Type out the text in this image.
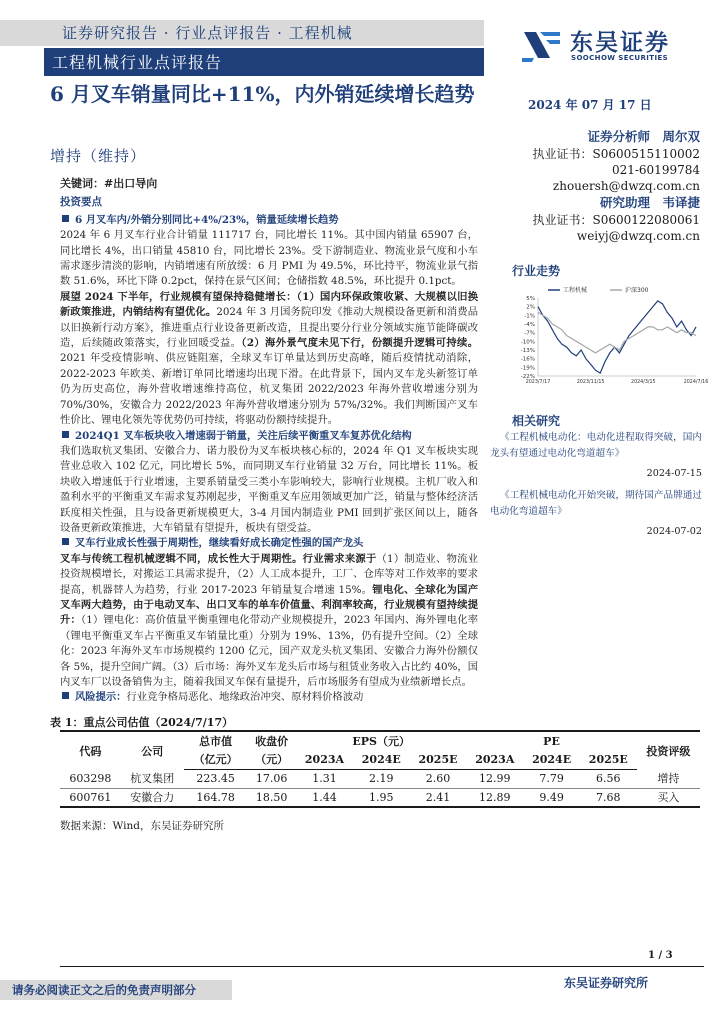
证券研究报告 · 行业点评报告 · 工程机械
工程机械行业点评报告
东吴证券
SOOCHOW SECURITIES
6 月叉车销量同比+11%，内外销延续增长趋势	2024 年 07 月 17 日
增持（维持）
证券分析师　周尔双
执业证书：S0600515110002
021-60199784
zhouersh@dwzq.com.cn
研究助理　韦译捷
执业证书：S0600122080061
weiyj@dwzq.com.cn
关键词：#出口导向
投资要点
6 月叉车内/外销分别同比+4%/23%，销量延续增长趋势
2024 年 6 月叉车行业合计销量 111717 台，同比增长 11%。其中国内销量 65907 台，同比增长 4%，出口销量 45810 台，同比增长 23%。受下游制造业、物流业景气度和小车需求逐步清淡的影响，内销增速有所放缓：6 月 PMI 为 49.5%，环比持平，物流业景气指数 51.6%，环比下降 0.2pct，保持在景气区间；仓储指数 48.5%，环比提升 0.1pct。
展望 2024 下半年，行业规模有望保持稳健增长：（1）国内环保政策收紧、大规模以旧换新政策推进，内销结构有望优化。2024 年 3 月国务院印发《推动大规模设备更新和消费品以旧换新行动方案》，推进重点行业设备更新改造，且提出要分行业分领域实施节能降碳改造，后续随政策落实，行业回暖受益。（2）海外景气度未见下行，份额提升逻辑可持续。2021 年受疫情影响、供应链阻塞，全球叉车订单量达到历史高峰，随后疫情扰动消除，2022-2023 年欧美、新增订单同比增速均出现下滑。在此背景下，国内叉车龙头新签订单仍为历史高位，海外营收增速维持高位，杭叉集团 2022/2023 年海外营收增速分别为 70%/30%，安徽合力 2022/2023 年海外营收增速分别为 57%/32%。我们判断国产叉车性价比、锂电化领先等优势仍可持续，将驱动份额持续提升。
2024Q1 叉车板块收入增速弱于销量，关注后续平衡重叉车复苏优化结构
我们选取杭叉集团、安徽合力、诺力股份为叉车板块核心标的，2024 年 Q1 叉车板块实现营业总收入 102 亿元，同比增长 5%，而同期叉车行业销量 32 万台，同比增长 11%。板块收入增速低于行业增速，主要系销量受三类小车影响较大，影响行业规模。主机厂收入和盈利水平的平衡重叉车需求复苏刚起步，平衡重叉车应用领域更加广泛，销量与整体经济活跃度相关性强，且与设备更新规模更大，3-4 月国内制造业 PMI 回到扩张区间以上，随各设备更新政策推进，大车销量有望提升，板块有望受益。
叉车行业成长性强于周期性，继续看好成长确定性强的国产龙头
叉车与传统工程机械逻辑不同，成长性大于周期性。行业需求来源于（1）制造业、物流业投资规模增长，对搬运工具需求提升，（2）人工成本提升，工厂、仓库等对工作效率的要求提高，机器替人为趋势，行业 2017-2023 年销量复合增速 15%。锂电化、全球化为国产叉车两大趋势，由于电动叉车、出口叉车的单车价值量、利润率较高，行业规模有望持续提升：（1）锂电化：高价值量平衡重锂电化带动产业规模提升，2023 年国内、海外锂电化率（锂电平衡重叉车占平衡重叉车销量比重）分别为 19%、13%，仍有提升空间。（2）全球化：2023 年海外叉车市场规模约 1200 亿元，国产双龙头杭叉集团、安徽合力海外份额仅各 5%，提升空间广阔。（3）后市场：海外叉车龙头后市场与租赁业务收入占比约 40%，国内叉车厂以设备销售为主，随着我国叉车保有量提升，后市场服务有望成为业绩新增长点。
风险提示：行业竞争格局恶化、地缘政治冲突、原材料价格波动
行业走势
5%
2%
-1%
-4%
-7%
-10%
-13%
-16%
-19%
-22%
2023/7/17	2023/11/15	2024/3/15	2024/7/16
工程机械	沪深300
相关研究
《工程机械电动化：电动化进程取得突破，国内龙头有望通过电动化弯道超车》
2024-07-15
《工程机械电动化开始突破，期待国产品牌通过电动化弯道超车》
2024-07-02
表 1：重点公司估值（2024/7/17）
代码	公司	总市值	收盘价	EPS（元）			PE			投资评级
		（亿元）	（元）	2023A	2024E	2025E	2023A	2024E	2025E	
603298	杭叉集团	223.45	17.06	1.31	2.19	2.60	12.99	7.79	6.56	增持
600761	安徽合力	164.78	18.50	1.44	1.95	2.41	12.89	9.49	7.68	买入
数据来源：Wind，东吴证券研究所
1 / 3
东吴证券研究所
请务必阅读正文之后的免责声明部分
